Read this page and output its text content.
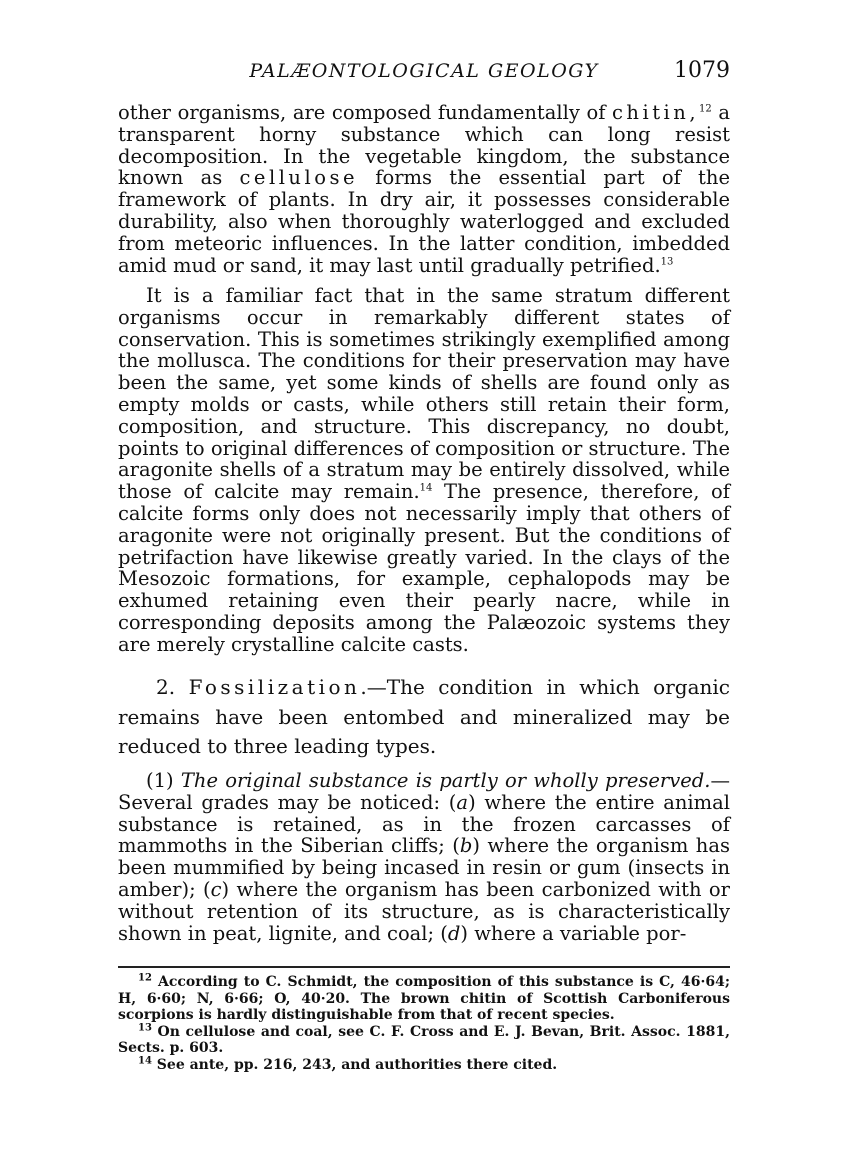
PALÆONTOLOGICAL GEOLOGY	1079

other organisms, are composed fundamentally of chitin,$^{12}$ a transparent horny substance which can long resist decomposition. In the vegetable kingdom, the substance known as cellulose forms the essential part of the framework of plants. In dry air, it possesses considerable durability, also when thoroughly waterlogged and excluded from meteoric influences. In the latter condition, imbedded amid mud or sand, it may last until gradually petrified.$^{13}$

It is a familiar fact that in the same stratum different organisms occur in remarkably different states of conservation. This is sometimes strikingly exemplified among the mollusca. The conditions for their preservation may have been the same, yet some kinds of shells are found only as empty molds or casts, while others still retain their form, composition, and structure. This discrepancy, no doubt, points to original differences of composition or structure. The aragonite shells of a stratum may be entirely dissolved, while those of calcite may remain.$^{14}$ The presence, therefore, of calcite forms only does not necessarily imply that others of aragonite were not originally present. But the conditions of petrifaction have likewise greatly varied. In the clays of the Mesozoic formations, for example, cephalopods may be exhumed retaining even their pearly nacre, while in corresponding deposits among the Palæozoic systems they are merely crystalline calcite casts.

2. Fossilization.—The condition in which organic remains have been entombed and mineralized may be reduced to three leading types.

(1) The original substance is partly or wholly preserved.— Several grades may be noticed: (a) where the entire animal substance is retained, as in the frozen carcasses of mammoths in the Siberian cliffs; (b) where the organism has been mummified by being incased in resin or gum (insects in amber); (c) where the organism has been carbonized with or without retention of its structure, as is characteristically shown in peat, lignite, and coal; (d) where a variable por-

$^{12}$ According to C. Schmidt, the composition of this substance is C, 46·64; H, 6·60; N, 6·66; O, 40·20. The brown chitin of Scottish Carboniferous scorpions is hardly distinguishable from that of recent species.

$^{13}$ On cellulose and coal, see C. F. Cross and E. J. Bevan, Brit. Assoc. 1881, Sects. p. 603.

$^{14}$ See ante, pp. 216, 243, and authorities there cited.
